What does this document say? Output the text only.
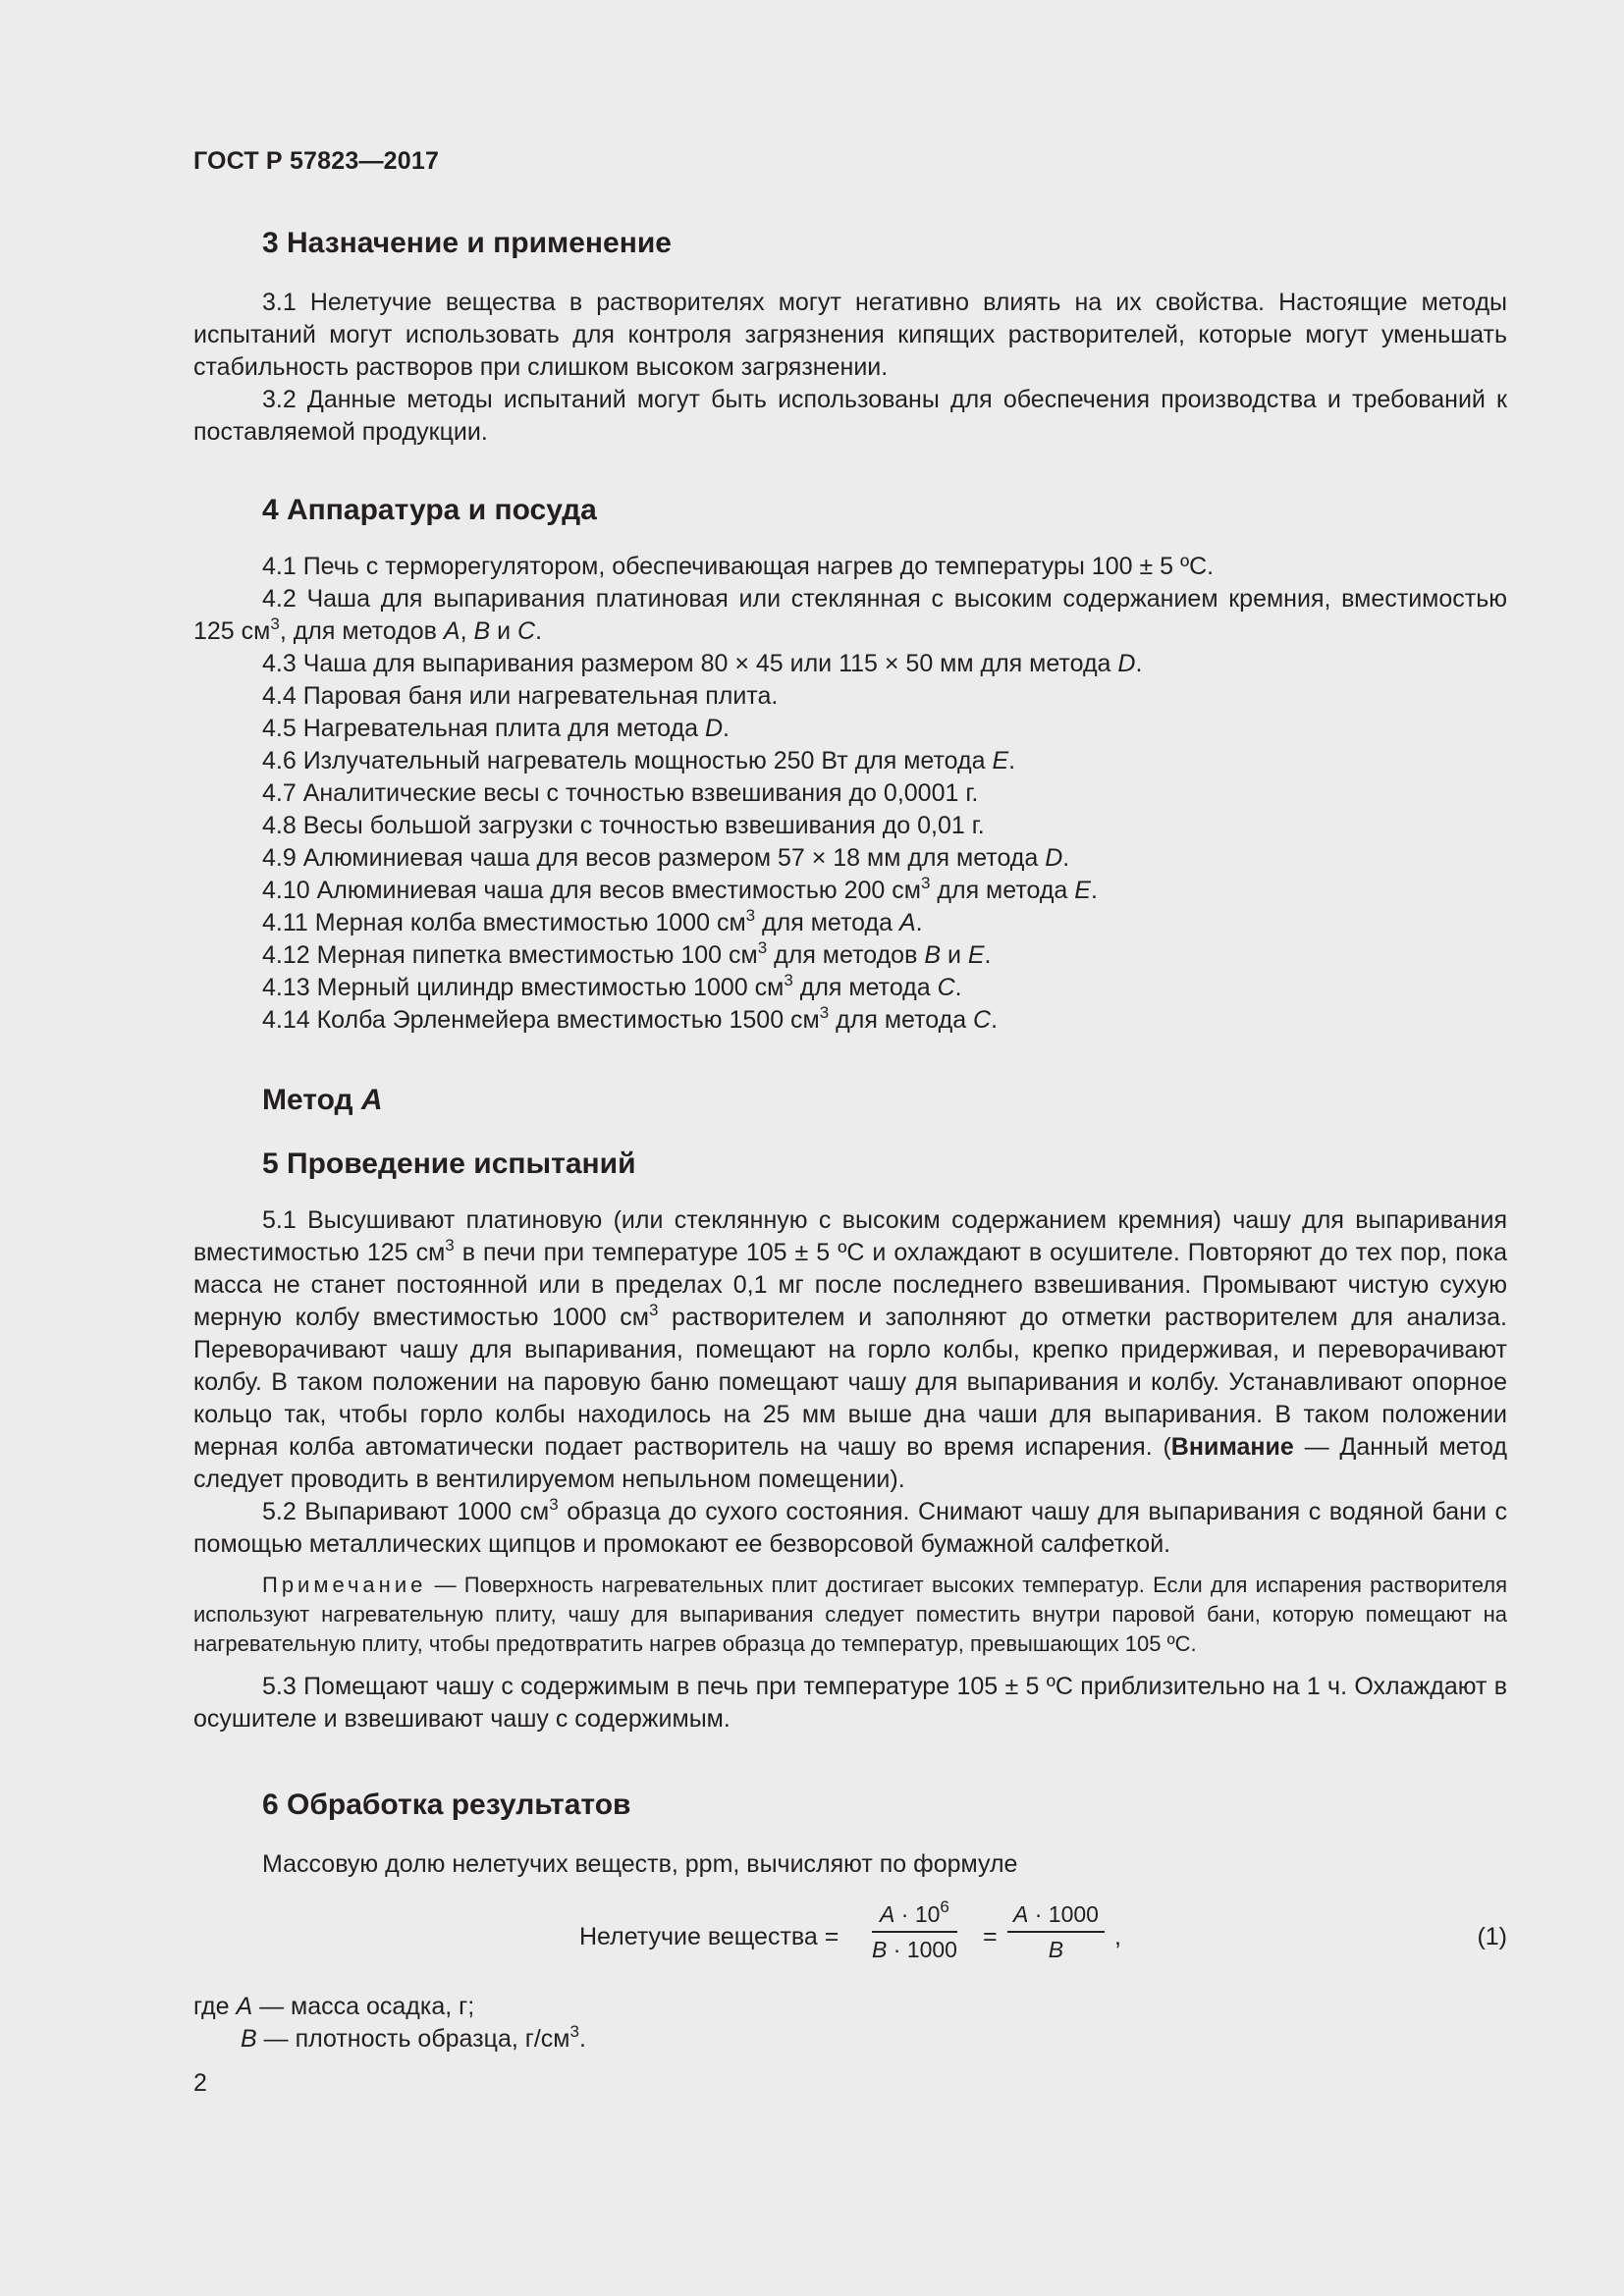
ГОСТ Р 57823—2017
3 Назначение и применение

3.1 Нелетучие вещества в растворителях могут негативно влиять на их свойства. Настоящие методы испытаний могут использовать для контроля загрязнения кипящих растворителей, которые могут уменьшать стабильность растворов при слишком высоком загрязнении.

3.2 Данные методы испытаний могут быть использованы для обеспечения производства и требований к поставляемой продукции.

4 Аппаратура и посуда

4.1 Печь с терморегулятором, обеспечивающая нагрев до температуры 100 ± 5 ºС.

4.2 Чаша для выпаривания платиновая или стеклянная с высоким содержанием кремния, вместимостью 125 $см^3$, для методов A, B и C.

4.3 Чаша для выпаривания размером 80 × 45 или 115 × 50 мм для метода D.

4.4 Паровая баня или нагревательная плита.

4.5 Нагревательная плита для метода D.

4.6 Излучательный нагреватель мощностью 250 Вт для метода E.

4.7 Аналитические весы с точностью взвешивания до 0,0001 г.

4.8 Весы большой загрузки с точностью взвешивания до 0,01 г.

4.9 Алюминиевая чаша для весов размером 57 × 18 мм для метода D.

4.10 Алюминиевая чаша для весов вместимостью 200 $см^3$ для метода E.

4.11 Мерная колба вместимостью 1000 $см^3$ для метода A.

4.12 Мерная пипетка вместимостью 100 $см^3$ для методов B и E.

4.13 Мерный цилиндр вместимостью 1000 $см^3$ для метода C.

4.14 Колба Эрленмейера вместимостью 1500 $см^3$ для метода C.

Метод A
5 Проведение испытаний

5.1 Высушивают платиновую (или стеклянную с высоким содержанием кремния) чашу для выпаривания вместимостью 125 $см^3$ в печи при температуре 105 ± 5 ºС и охлаждают в осушителе. Повторяют до тех пор, пока масса не станет постоянной или в пределах 0,1 мг после последнего взвешивания. Промывают чистую сухую мерную колбу вместимостью 1000 $см^3$ растворителем и заполняют до отметки растворителем для анализа. Переворачивают чашу для выпаривания, помещают на горло колбы, крепко придерживая, и переворачивают колбу. В таком положении на паровую баню помещают чашу для выпаривания и колбу. Устанавливают опорное кольцо так, чтобы горло колбы находилось на 25 мм выше дна чаши для выпаривания. В таком положении мерная колба автоматически подает растворитель на чашу во время испарения. (Внимание — Данный метод следует проводить в вентилируемом непыльном помещении).

5.2 Выпаривают 1000 $см^3$ образца до сухого состояния. Снимают чашу для выпаривания с водяной бани с помощью металлических щипцов и промокают ее безворсовой бумажной салфеткой.

Примечание — Поверхность нагревательных плит достигает высоких температур. Если для испарения растворителя используют нагревательную плиту, чашу для выпаривания следует поместить внутри паровой бани, которую помещают на нагревательную плиту, чтобы предотвратить нагрев образца до температур, превышающих 105 ºС.

5.3 Помещают чашу с содержимым в печь при температуре 105 ± 5 ºС приблизительно на 1 ч. Охлаждают в осушителе и взвешивают чашу с содержимым.

6 Обработка результатов

Массовую долю нелетучих веществ, ppm, вычисляют по формуле

Нелетучие вещества = $\frac{A \cdot 10^6}{B \cdot 1000} = \frac{A \cdot 1000}{B}$ ,	(1)

где A — масса осадка, г;

B — плотность образца, $г/см^3$.

2
